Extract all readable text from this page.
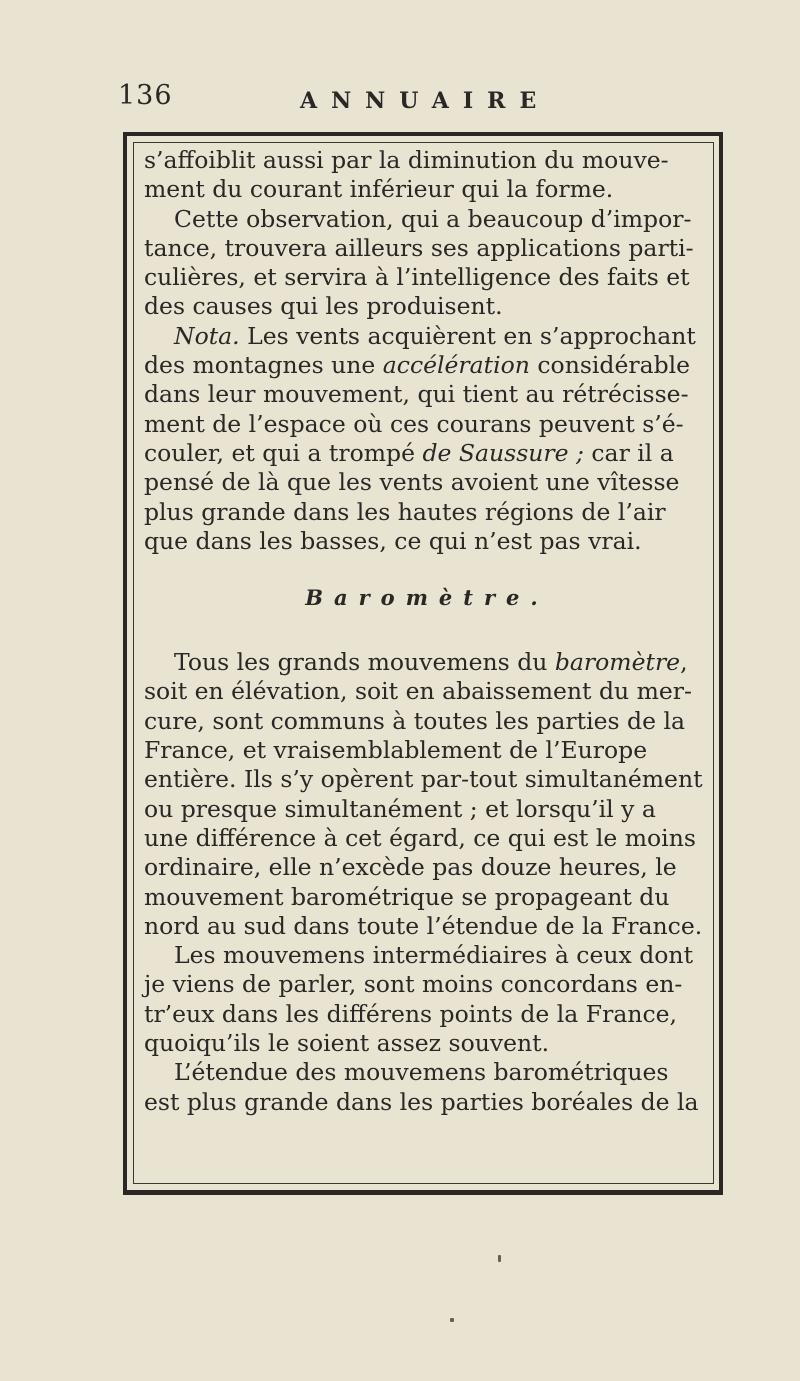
136	ANNUAIRE
s’affoiblit aussi par la diminution du mouve-
ment du courant inférieur qui la forme.
Cette observation, qui a beaucoup d’impor-
tance, trouvera ailleurs ses applications parti-
culières, et servira à l’intelligence des faits et
des causes qui les produisent.
Nota. Les vents acquièrent en s’approchant
des montagnes une accélération considérable
dans leur mouvement, qui tient au rétrécisse-
ment de l’espace où ces courans peuvent s’é-
couler, et qui a trompé de Saussure ; car il a
pensé de là que les vents avoient une vîtesse
plus grande dans les hautes régions de l’air
que dans les basses, ce qui n’est pas vrai.
Baromètre.
Tous les grands mouvemens du baromètre,
soit en élévation, soit en abaissement du mer-
cure, sont communs à toutes les parties de la
France, et vraisemblablement de l’Europe
entière. Ils s’y opèrent par-tout simultanément
ou presque simultanément ; et lorsqu’il y a
une différence à cet égard, ce qui est le moins
ordinaire, elle n’excède pas douze heures, le
mouvement barométrique se propageant du
nord au sud dans toute l’étendue de la France.
Les mouvemens intermédiaires à ceux dont
je viens de parler, sont moins concordans en-
tr’eux dans les différens points de la France,
quoiqu’ils le soient assez souvent.
L’étendue des mouvemens barométriques
est plus grande dans les parties boréales de la
